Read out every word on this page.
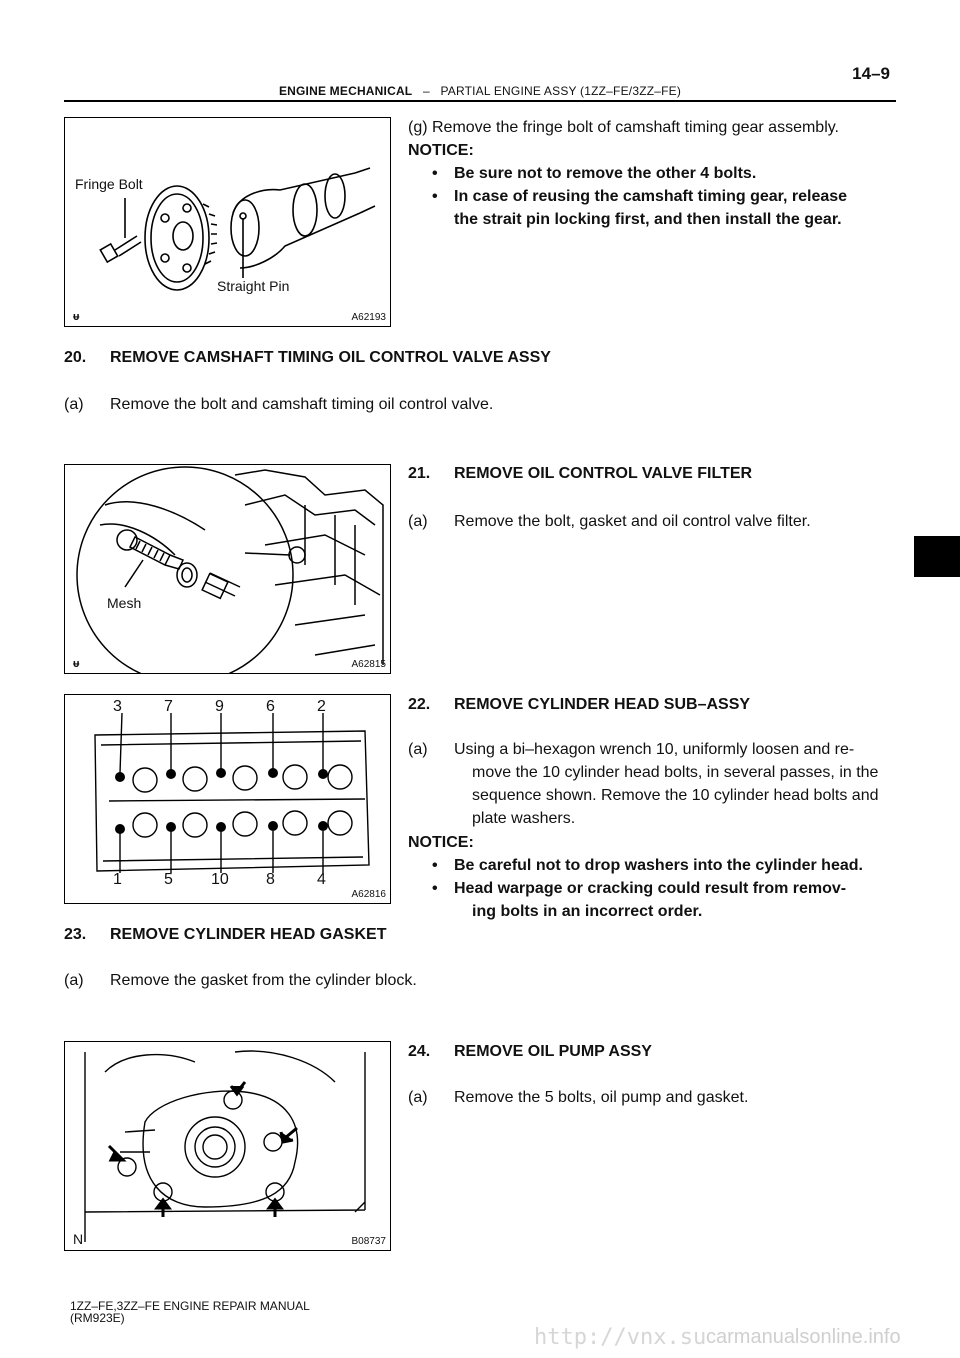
14–9
ENGINE MECHANICAL – PARTIAL ENGINE ASSY (1ZZ–FE/3ZZ–FE)
Fringe Bolt
Straight Pin
ᵾ	A62193
(g) Remove the fringe bolt of camshaft timing gear assembly.
NOTICE:
• Be sure not to remove the other 4 bolts.
• In case of reusing the camshaft timing gear, release
the strait pin locking first, and then install the gear.
20. REMOVE CAMSHAFT TIMING OIL CONTROL VALVE ASSY
(a) Remove the bolt and camshaft timing oil control valve.
Mesh
ᵾ	A62815
21. REMOVE OIL CONTROL VALVE FILTER
(a) Remove the bolt, gasket and oil control valve filter.
3	7	9	6	2
1	5 10 8	4
A62816
22. REMOVE CYLINDER HEAD SUB–ASSY
(a) Using a bi–hexagon wrench 10, uniformly loosen and re-
move the 10 cylinder head bolts, in several passes, in the
sequence shown. Remove the 10 cylinder head bolts and
plate washers.
NOTICE:
• Be careful not to drop washers into the cylinder head.
• Head warpage or cracking could result from remov-
ing bolts in an incorrect order.
23. REMOVE CYLINDER HEAD GASKET
(a) Remove the gasket from the cylinder block.
N	B08737
24. REMOVE OIL PUMP ASSY
(a) Remove the 5 bolts, oil pump and gasket.
1ZZ–FE,3ZZ–FE ENGINE REPAIR MANUAL
(RM923E)
http://vnx.su carmanualsonline.info
